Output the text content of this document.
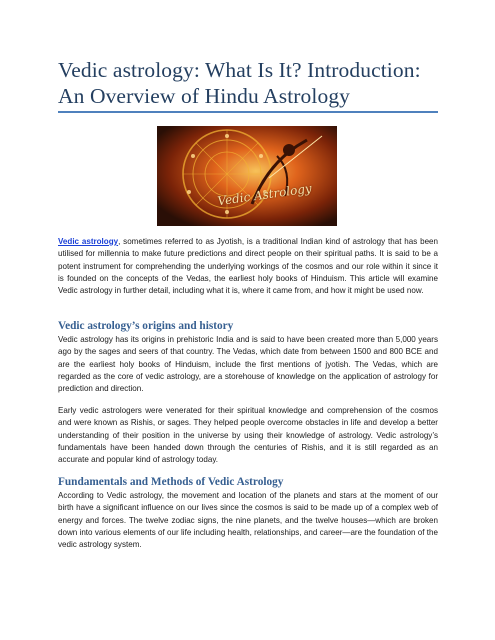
Vedic astrology: What Is It? Introduction: An Overview of Hindu Astrology
Vedic Astrology

Vedic astrology, sometimes referred to as Jyotish, is a traditional Indian kind of astrology that has been utilised for millennia to make future predictions and direct people on their spiritual paths. It is said to be a potent instrument for comprehending the underlying workings of the cosmos and our role within it since it is founded on the concepts of the Vedas, the earliest holy books of Hinduism. This article will examine Vedic astrology in further detail, including what it is, where it came from, and how it might be used now.

Vedic astrology’s origins and history

Vedic astrology has its origins in prehistoric India and is said to have been created more than 5,000 years ago by the sages and seers of that country. The Vedas, which date from between 1500 and 800 BCE and are the earliest holy books of Hinduism, include the first mentions of jyotish. The Vedas, which are regarded as the core of vedic astrology, are a storehouse of knowledge on the application of astrology for prediction and direction.

Early vedic astrologers were venerated for their spiritual knowledge and comprehension of the cosmos and were known as Rishis, or sages. They helped people overcome obstacles in life and develop a better understanding of their position in the universe by using their knowledge of astrology. Vedic astrology’s fundamentals have been handed down through the centuries of Rishis, and it is still regarded as an accurate and popular kind of astrology today.

Fundamentals and Methods of Vedic Astrology

According to Vedic astrology, the movement and location of the planets and stars at the moment of our birth have a significant influence on our lives since the cosmos is said to be made up of a complex web of energy and forces. The twelve zodiac signs, the nine planets, and the twelve houses—which are broken down into various elements of our life including health, relationships, and career—are the foundation of the vedic astrology system.
